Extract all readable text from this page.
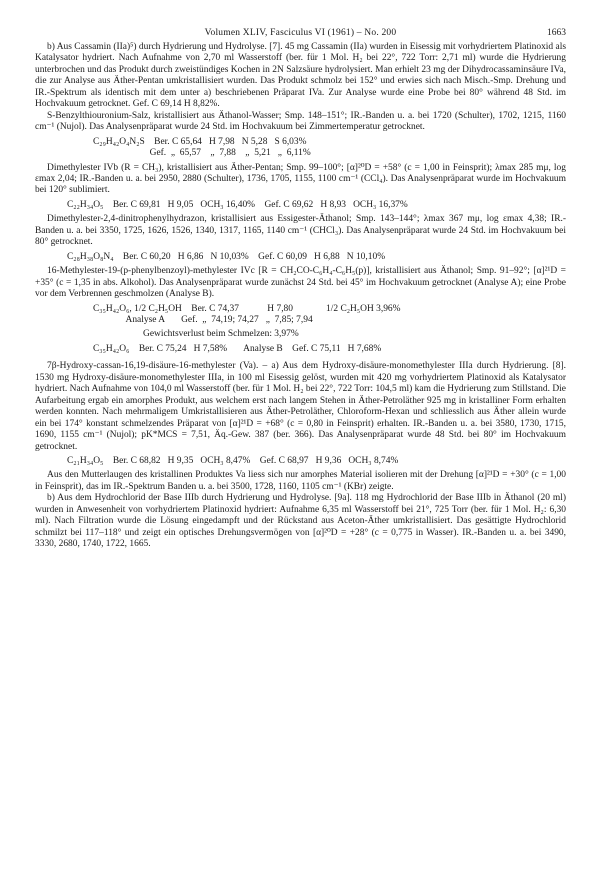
Volumen XLIV, Fasciculus VI (1961) – No. 200	1663

b) Aus Cassamin (IIa)⁵) durch Hydrierung und Hydrolyse. [7]. 45 mg Cassamin (IIa) wurden in Eisessig mit vorhydriertem Platinoxid als Katalysator hydriert. Nach Aufnahme von 2,70 ml Wasserstoff (ber. für 1 Mol. H₂ bei 22°, 722 Torr: 2,71 ml) wurde die Hydrierung unterbrochen und das Produkt durch zweistündiges Kochen in 2N Salzsäure hydrolysiert. Man erhielt 23 mg der Dihydrocassaminsäure IVa, die zur Analyse aus Äther-Pentan umkristallisiert wurden. Das Produkt schmolz bei 152° und erwies sich nach Misch.-Smp. Drehung und IR.-Spektrum als identisch mit dem unter a) beschriebenen Präparat IVa. Zur Analyse wurde eine Probe bei 80° während 48 Std. im Hochvakuum getrocknet. Gef. C 69,14 H 8,82%.

S-Benzylthiouronium-Salz, kristallisiert aus Äthanol-Wasser; Smp. 148–151°; IR.-Banden u. a. bei 1720 (Schulter), 1702, 1215, 1160 cm⁻¹ (Nujol). Das Analysenpräparat wurde 24 Std. im Hochvakuum bei Zimmertemperatur getrocknet.

C₂₉H₄₂O₄N₂S    Ber. C 65,64   H 7,98   N 5,28   S 6,03%
Gef.  „  65,57    „  7,88    „  5,21   „  6,11%

Dimethylester IVb (R = CH₃), kristallisiert aus Äther-Pentan; Smp. 99–100°; [α]²⁰D = +58° (c = 1,00 in Feinsprit); λmax 285 mμ, log εmax 2,04; IR.-Banden u. a. bei 2950, 2880 (Schulter), 1736, 1705, 1155, 1100 cm⁻¹ (CCl₄). Das Analysenpräparat wurde im Hochvakuum bei 120° sublimiert.

C₂₂H₃₄O₅    Ber. C 69,81   H 9,05   OCH₃ 16,40%    Gef. C 69,62   H 8,93   OCH₃ 16,37%

Dimethylester-2,4-dinitrophenylhydrazon, kristallisiert aus Essigester-Äthanol; Smp. 143–144°; λmax 367 mμ, log εmax 4,38; IR.-Banden u. a. bei 3350, 1725, 1626, 1526, 1340, 1317, 1165, 1140 cm⁻¹ (CHCl₃). Das Analysenpräparat wurde 24 Std. im Hochvakuum bei 80° getrocknet.

C₂₈H₃₈O₈N₄    Ber. C 60,20   H 6,86   N 10,03%    Gef. C 60,09   H 6,88   N 10,10%

16-Methylester-19-(p-phenylbenzoyl)-methylester IVc [R = CH₂CO-C₆H₄-C₆H₅(p)], kristallisiert aus Äthanol; Smp. 91–92°; [α]²¹D = +35° (c = 1,35 in abs. Alkohol). Das Analysenpräparat wurde zunächst 24 Std. bei 45° im Hochvakuum getrocknet (Analyse A); eine Probe vor dem Verbrennen geschmolzen (Analyse B).

C₃₅H₄₂O₆, 1/2 C₂H₅OH    Ber. C 74,37            H 7,80              1/2 C₂H₅OH 3,96%
Analyse A       Gef.  „  74,19; 74,27   „  7,85; 7,94
Gewichtsverlust beim Schmelzen: 3,97%
C₃₅H₄₂O₆    Ber. C 75,24   H 7,58%       Analyse B    Gef. C 75,11   H 7,68%

7β-Hydroxy-cassan-16,19-disäure-16-methylester (Va). – a) Aus dem Hydroxy-disäure-monomethylester IIIa durch Hydrierung. [8]. 1530 mg Hydroxy-disäure-monomethylester IIIa, in 100 ml Eisessig gelöst, wurden mit 420 mg vorhydriertem Platinoxid als Katalysator hydriert. Nach Aufnahme von 104,0 ml Wasserstoff (ber. für 1 Mol. H₂ bei 22°, 722 Torr: 104,5 ml) kam die Hydrierung zum Stillstand. Die Aufarbeitung ergab ein amorphes Produkt, aus welchem erst nach langem Stehen in Äther-Petroläther 925 mg in kristalliner Form erhalten werden konnten. Nach mehrmaligem Umkristallisieren aus Äther-Petroläther, Chloroform-Hexan und schliesslich aus Äther allein wurde ein bei 174° konstant schmelzendes Präparat von [α]²¹D = +68° (c = 0,80 in Feinsprit) erhalten. IR.-Banden u. a. bei 3580, 1730, 1715, 1690, 1155 cm⁻¹ (Nujol); pK*MCS = 7,51, Äq.-Gew. 387 (ber. 366). Das Analysenpräparat wurde 48 Std. bei 80° im Hochvakuum getrocknet.

C₂₁H₃₄O₅    Ber. C 68,82   H 9,35   OCH₃ 8,47%    Gef. C 68,97   H 9,36   OCH₃ 8,74%

Aus den Mutterlaugen des kristallinen Produktes Va liess sich nur amorphes Material isolieren mit der Drehung [α]²¹D = +30° (c = 1,00 in Feinsprit), das im IR.-Spektrum Banden u. a. bei 3500, 1728, 1160, 1105 cm⁻¹ (KBr) zeigte.

b) Aus dem Hydrochlorid der Base IIIb durch Hydrierung und Hydrolyse. [9a]. 118 mg Hydrochlorid der Base IIIb in Äthanol (20 ml) wurden in Anwesenheit von vorhydriertem Platinoxid hydriert: Aufnahme 6,35 ml Wasserstoff bei 21°, 725 Torr (ber. für 1 Mol. H₂: 6,30 ml). Nach Filtration wurde die Lösung eingedampft und der Rückstand aus Aceton-Äther umkristallisiert. Das gesättigte Hydrochlorid schmilzt bei 117–118° und zeigt ein optisches Drehungsvermögen von [α]²⁰D = +28° (c = 0,775 in Wasser). IR.-Banden u. a. bei 3490, 3330, 2680, 1740, 1722, 1665.
